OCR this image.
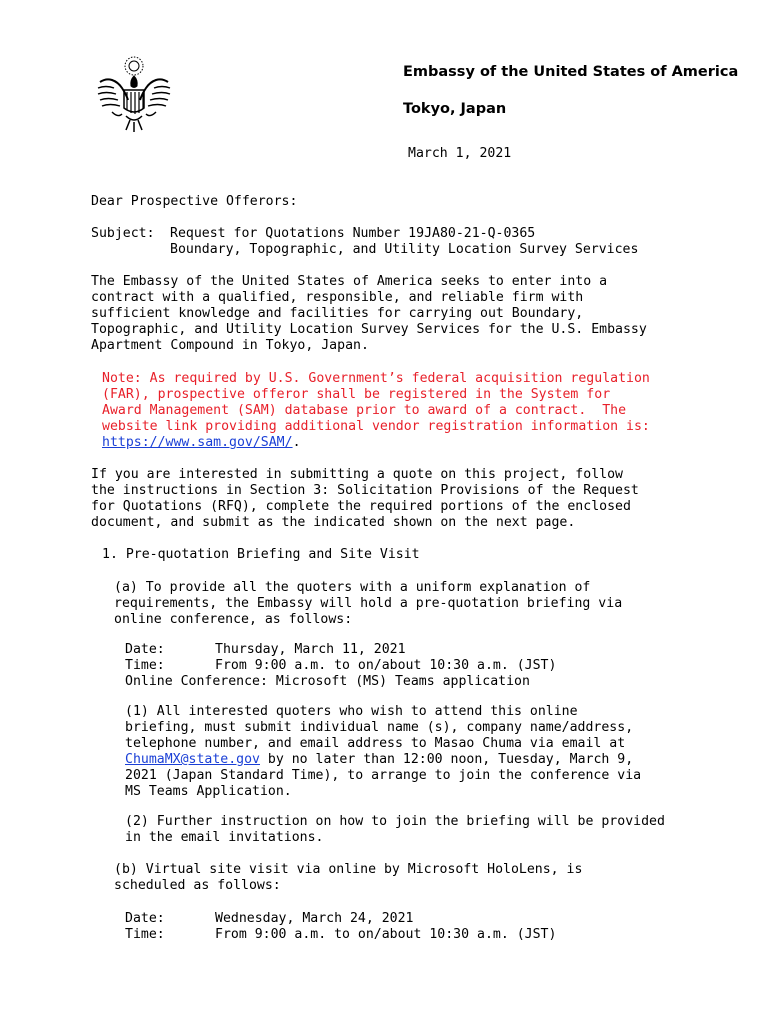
Embassy of the United States of America
Tokyo, Japan
March 1, 2021
Dear Prospective Offerors:
Subject: Request for Quotations Number 19JA80-21-Q-0365
Boundary, Topographic, and Utility Location Survey Services
The Embassy of the United States of America seeks to enter into a
contract with a qualified, responsible, and reliable firm with
sufficient knowledge and facilities for carrying out Boundary,
Topographic, and Utility Location Survey Services for the U.S. Embassy
Apartment Compound in Tokyo, Japan.
Note: As required by U.S. Government’s federal acquisition regulation
(FAR), prospective offeror shall be registered in the System for
Award Management (SAM) database prior to award of a contract.  The
website link providing additional vendor registration information is:
https://www.sam.gov/SAM/.
If you are interested in submitting a quote on this project, follow
the instructions in Section 3: Solicitation Provisions of the Request
for Quotations (RFQ), complete the required portions of the enclosed
document, and submit as the indicated shown on the next page.
1. Pre-quotation Briefing and Site Visit
(a) To provide all the quoters with a uniform explanation of
requirements, the Embassy will hold a pre-quotation briefing via
online conference, as follows:
Date:	Thursday, March 11, 2021
Time:	From 9:00 a.m. to on/about 10:30 a.m. (JST)
Online Conference: Microsoft (MS) Teams application
(1) All interested quoters who wish to attend this online
briefing, must submit individual name (s), company name/address,
telephone number, and email address to Masao Chuma via email at
ChumaMX@state.gov by no later than 12:00 noon, Tuesday, March 9,
2021 (Japan Standard Time), to arrange to join the conference via
MS Teams Application.
(2) Further instruction on how to join the briefing will be provided
in the email invitations.
(b) Virtual site visit via online by Microsoft HoloLens, is
scheduled as follows:
Date:	Wednesday, March 24, 2021
Time:	From 9:00 a.m. to on/about 10:30 a.m. (JST)
